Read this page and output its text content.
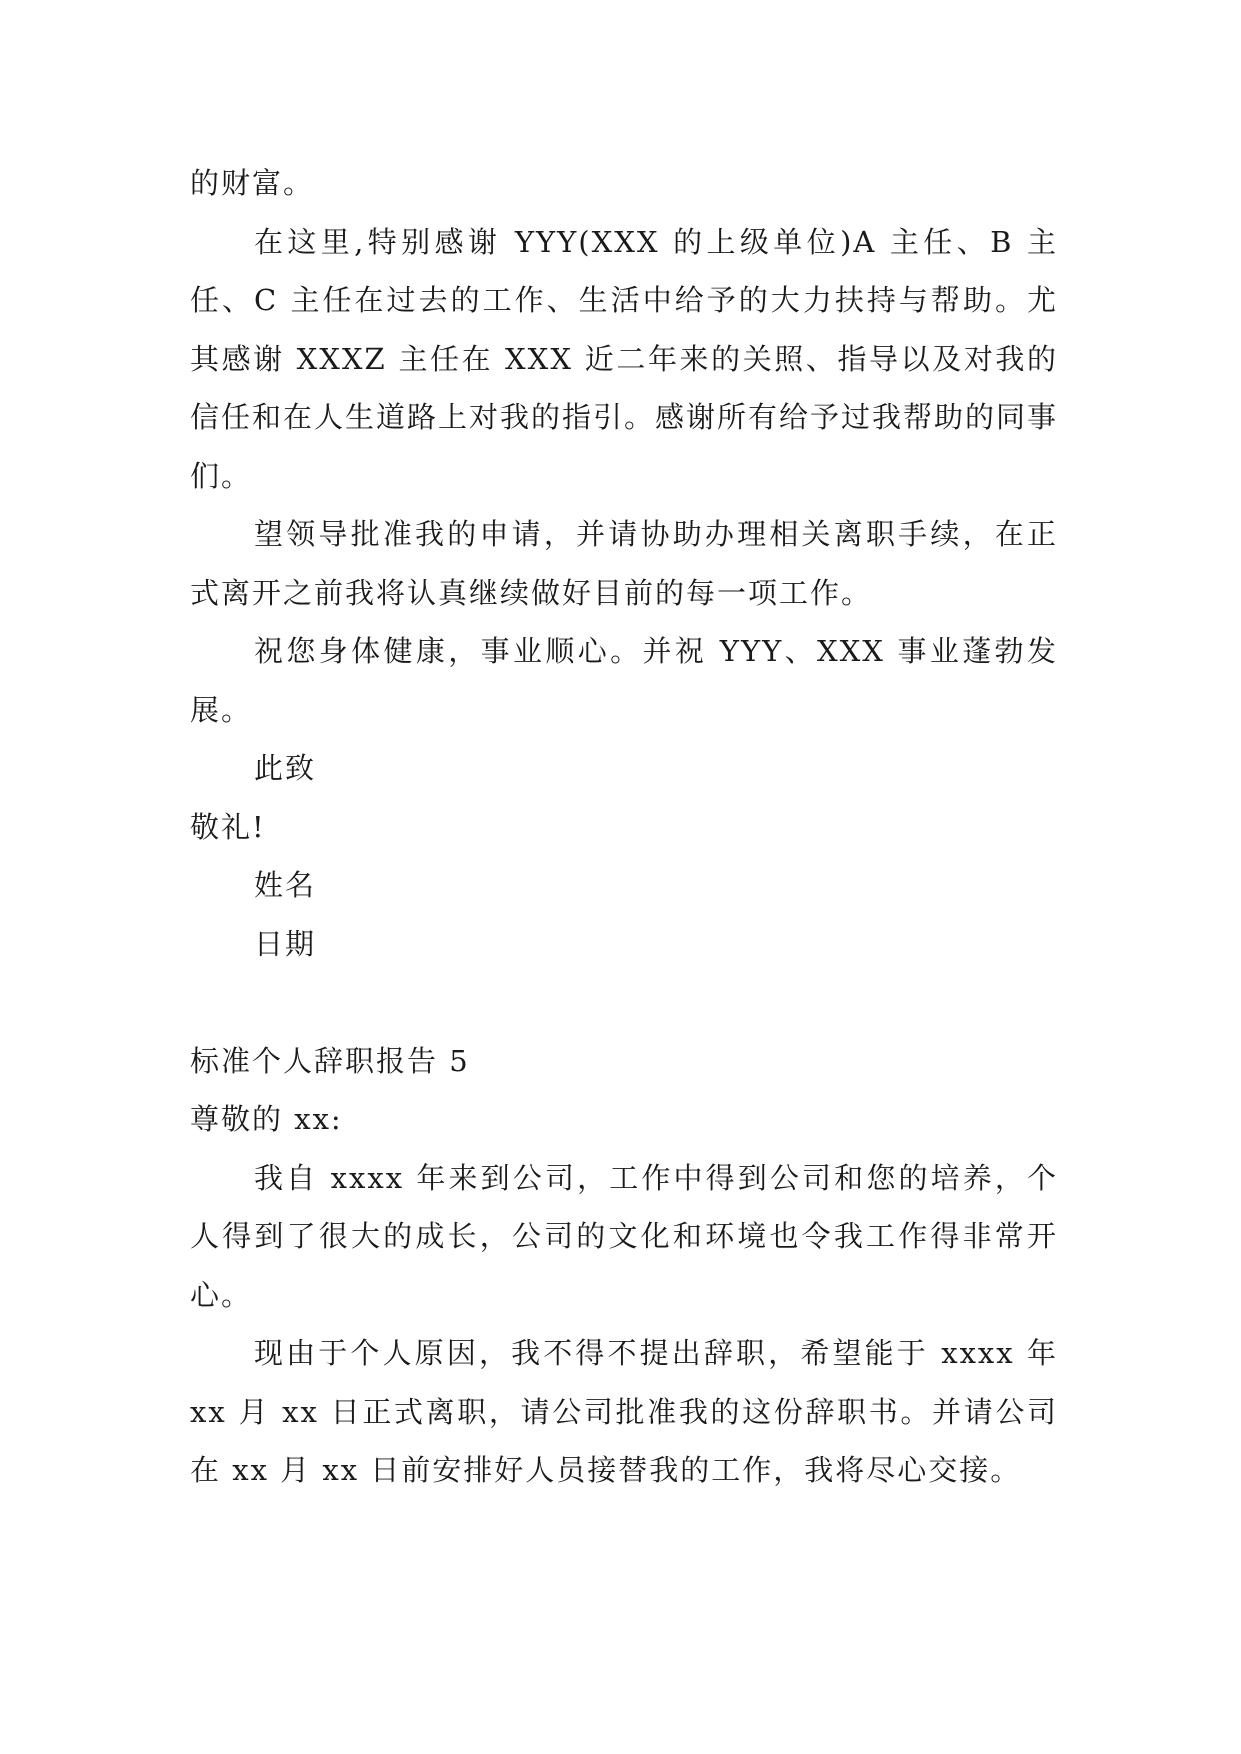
的财富。

在这里,特别感谢 YYY(XXX 的上级单位)A 主任、B 主任、C 主任在过去的工作、生活中给予的大力扶持与帮助。尤其感谢 XXXZ 主任在 XXX 近二年来的关照、指导以及对我的信任和在人生道路上对我的指引。感谢所有给予过我帮助的同事们。

望领导批准我的申请，并请协助办理相关离职手续，在正式离开之前我将认真继续做好目前的每一项工作。

祝您身体健康，事业顺心。并祝 YYY、XXX 事业蓬勃发展。

此致

敬礼!

姓名

日期

标准个人辞职报告 5

尊敬的 xx:

我自 xxxx 年来到公司，工作中得到公司和您的培养，个人得到了很大的成长，公司的文化和环境也令我工作得非常开心。

现由于个人原因，我不得不提出辞职，希望能于 xxxx 年 xx 月 xx 日正式离职，请公司批准我的这份辞职书。并请公司在 xx 月 xx 日前安排好人员接替我的工作，我将尽心交接。
